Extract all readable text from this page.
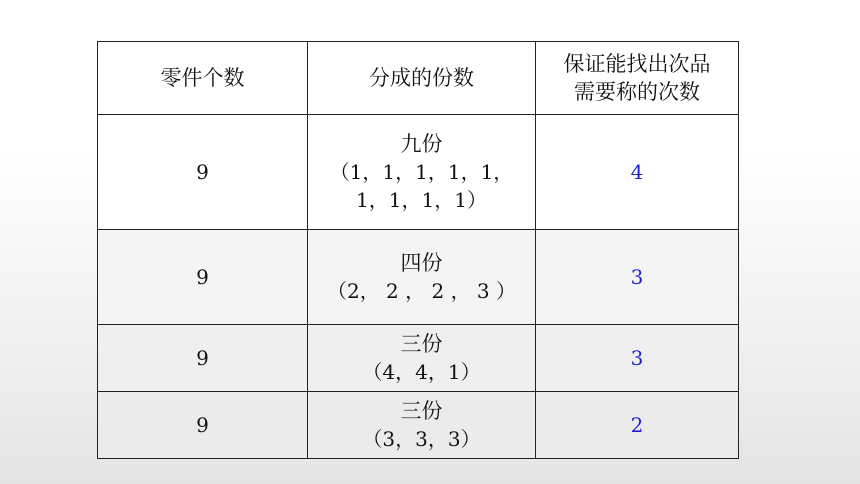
零件个数	分成的份数	保证能找出次品
需要称的次数

9	九份
（1，1，1，1，1，
1，1，1，1）	4
9	四份
（2， 2 ， 2 ， 3 ）	3
9	三份
（4，4，1）	3
9	三份
（3，3，3）	2
